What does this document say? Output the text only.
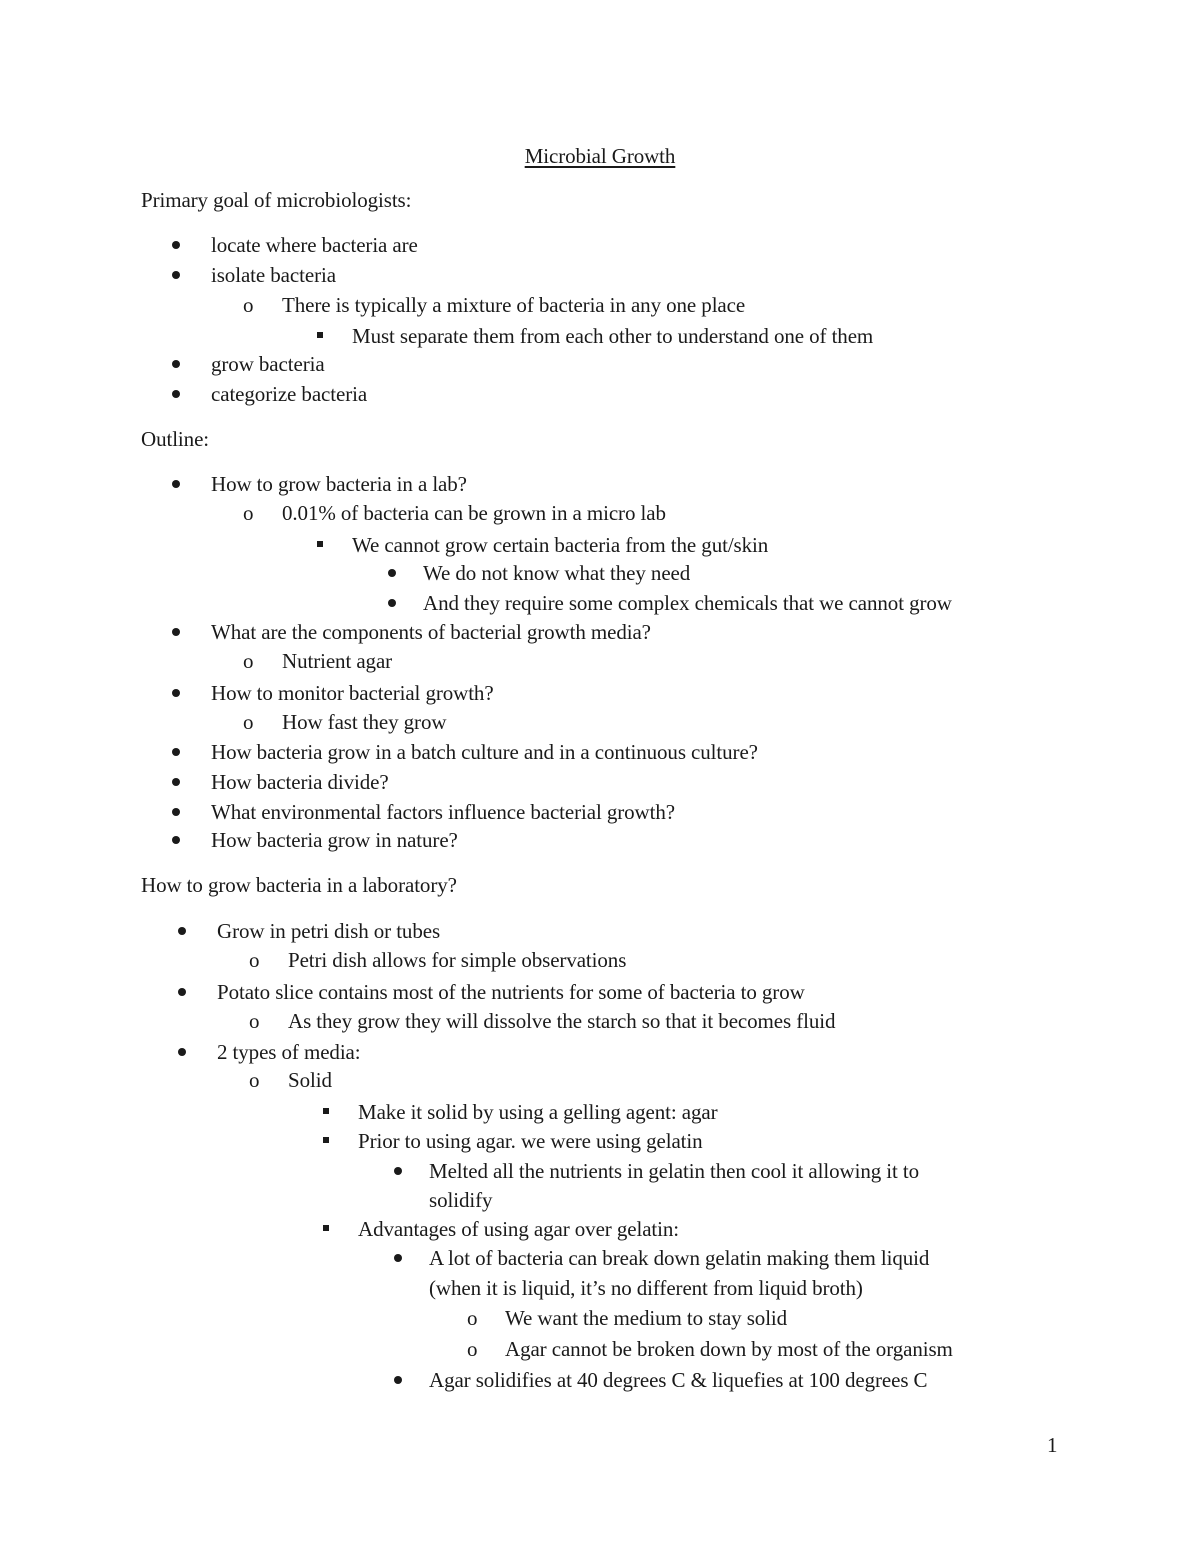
Microbial Growth
Primary goal of microbiologists:
locate where bacteria are
isolate bacteria
There is typically a mixture of bacteria in any one place
o
Must separate them from each other to understand one of them
grow bacteria
categorize bacteria
Outline:
How to grow bacteria in a lab?
0.01% of bacteria can be grown in a micro lab
o
We cannot grow certain bacteria from the gut/skin
We do not know what they need
And they require some complex chemicals that we cannot grow
What are the components of bacterial growth media?
Nutrient agar
o
How to monitor bacterial growth?
How fast they grow
o
How bacteria grow in a batch culture and in a continuous culture?
How bacteria divide?
What environmental factors influence bacterial growth?
How bacteria grow in nature?
How to grow bacteria in a laboratory?
Grow in petri dish or tubes
Petri dish allows for simple observations
o
Potato slice contains most of the nutrients for some of bacteria to grow
As they grow they will dissolve the starch so that it becomes fluid
o
2 types of media:
Solid
o
Make it solid by using a gelling agent: agar
Prior to using agar. we were using gelatin
Melted all the nutrients in gelatin then cool it allowing it to
solidify
Advantages of using agar over gelatin:
A lot of bacteria can break down gelatin making them liquid
(when it is liquid, it’s no different from liquid broth)
We want the medium to stay solid
o
Agar cannot be broken down by most of the organism
o
Agar solidifies at 40 degrees C & liquefies at 100 degrees C
1
